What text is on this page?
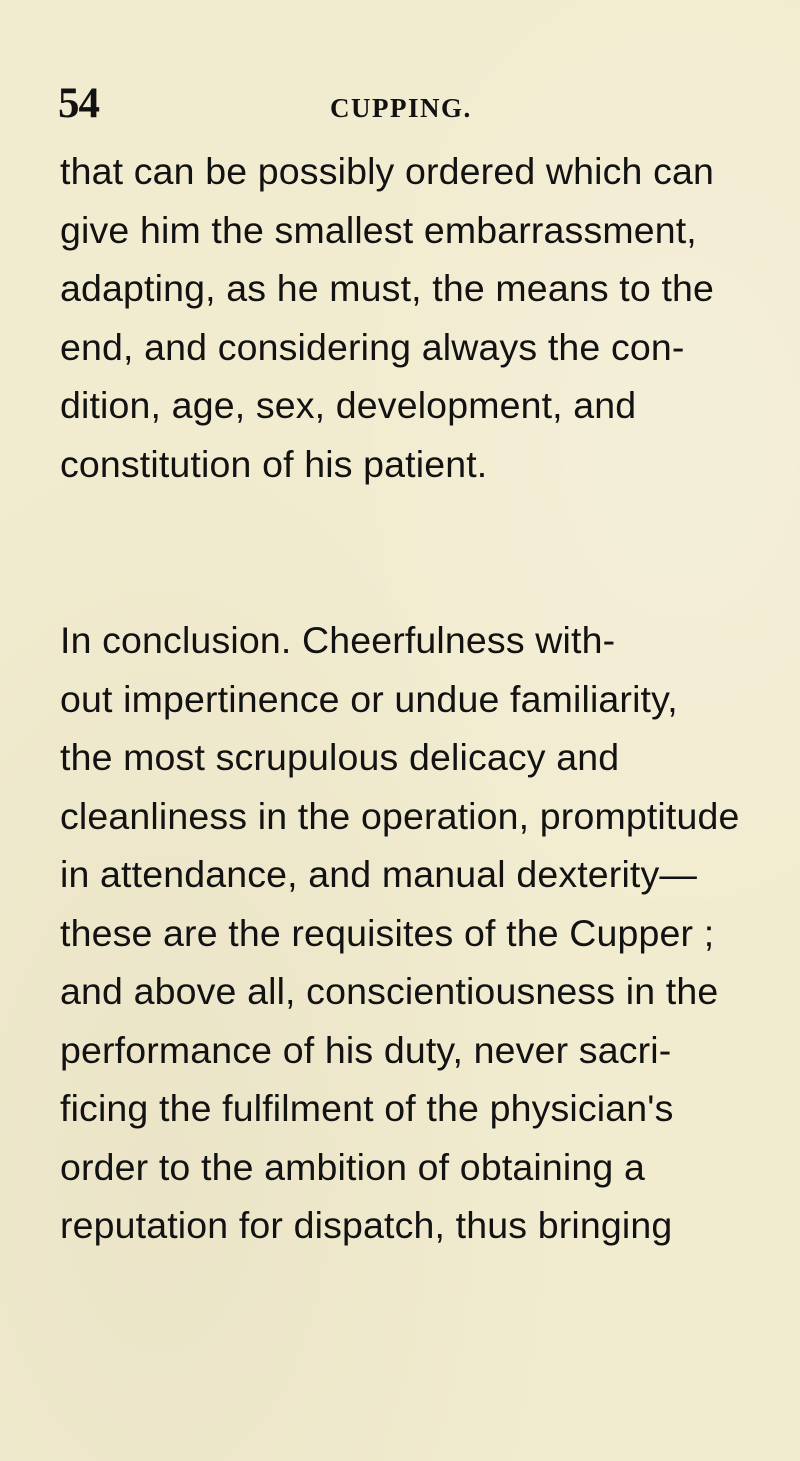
54	CUPPING.
that can be possibly ordered which can
give him the smallest embarrassment,
adapting, as he must, the means to the
end, and considering always the con-
dition, age, sex, development, and
constitution of his patient.
In conclusion. Cheerfulness with-
out impertinence or undue familiarity,
the most scrupulous delicacy and
cleanliness in the operation, promptitude
in attendance, and manual dexterity—
these are the requisites of the Cupper ;
and above all, conscientiousness in the
performance of his duty, never sacri-
ficing the fulfilment of the physician's
order to the ambition of obtaining a
reputation for dispatch, thus bringing
